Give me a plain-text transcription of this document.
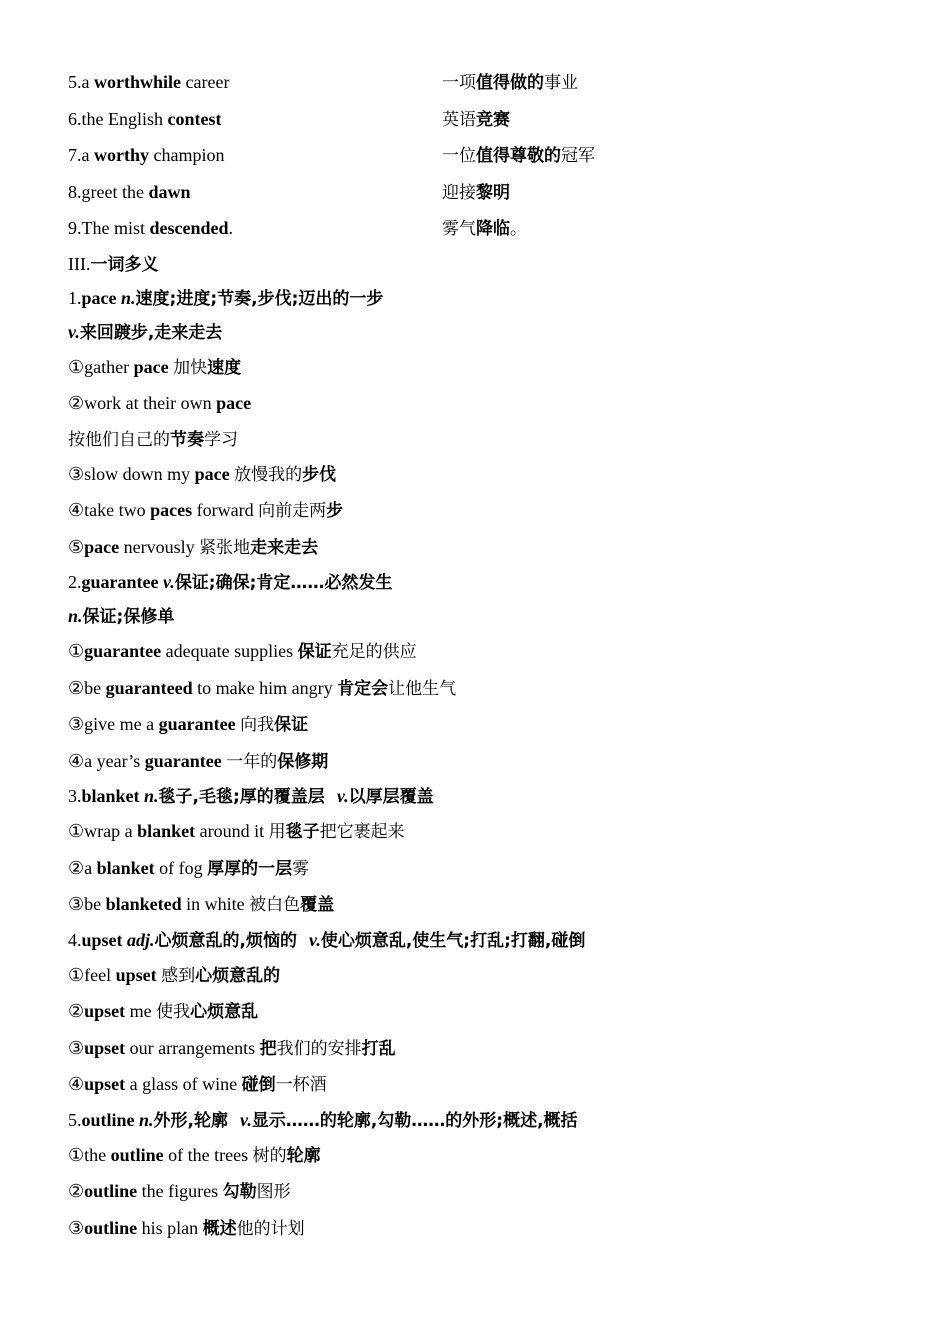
5.a worthwhile career	一项值得做的事业
6.the English contest	英语竞赛
7.a worthy champion	一位值得尊敬的冠军
8.greet the dawn	迎接黎明
9.The mist descended.	雾气降临。
III.一词多义
1.pace n.速度;进度;节奏,步伐;迈出的一步
v.来回踱步,走来走去
①gather pace 加快速度
②work at their own pace
按他们自己的节奏学习
③slow down my pace 放慢我的步伐
④take two paces forward 向前走两步
⑤pace nervously 紧张地走来走去
2.guarantee v.保证;确保;肯定……必然发生
n.保证;保修单
①guarantee adequate supplies 保证充足的供应
②be guaranteed to make him angry 肯定会让他生气
③give me a guarantee 向我保证
④a year’s guarantee 一年的保修期
3.blanket n.毯子,毛毯;厚的覆盖层 v.以厚层覆盖
①wrap a blanket around it 用毯子把它裹起来
②a blanket of fog 厚厚的一层雾
③be blanketed in white 被白色覆盖
4.upset adj.心烦意乱的,烦恼的 v.使心烦意乱,使生气;打乱;打翻,碰倒
①feel upset 感到心烦意乱的
②upset me 使我心烦意乱
③upset our arrangements 把我们的安排打乱
④upset a glass of wine 碰倒一杯酒
5.outline n.外形,轮廓 v.显示……的轮廓,勾勒……的外形;概述,概括
①the outline of the trees 树的轮廓
②outline the figures 勾勒图形
③outline his plan 概述他的计划
